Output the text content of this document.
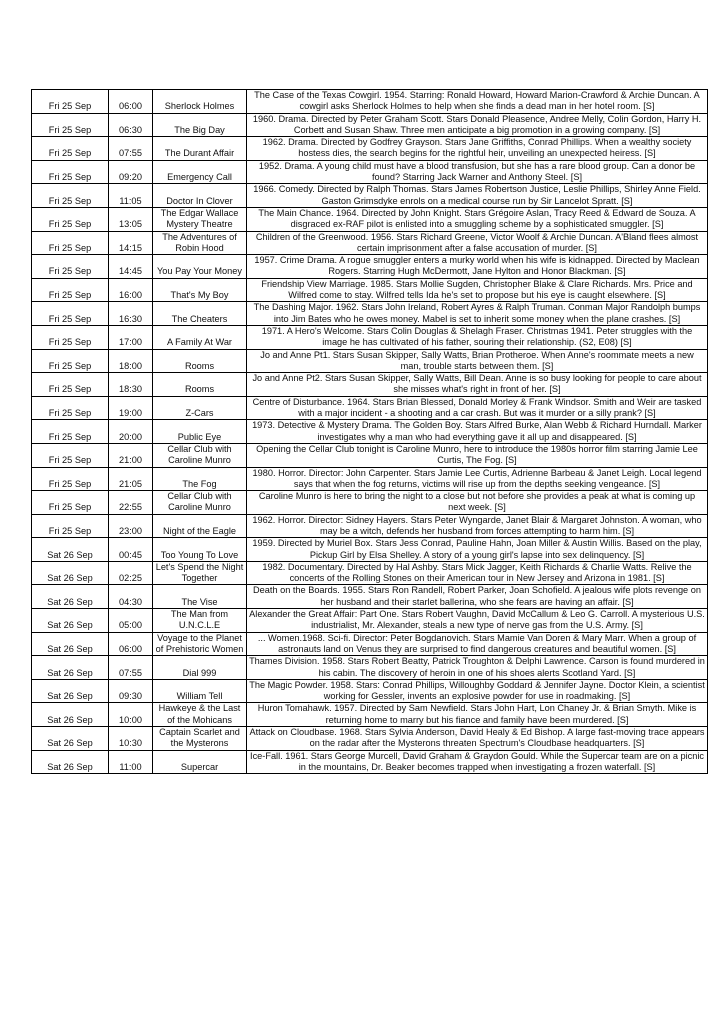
Fri 25 Sep	06:00	Sherlock Holmes	The Case of the Texas Cowgirl. 1954. Starring: Ronald Howard, Howard Marion-Crawford & Archie Duncan. A cowgirl asks Sherlock Holmes to help when she finds a dead man in her hotel room. [S]
Fri 25 Sep	06:30	The Big Day	1960. Drama. Directed by Peter Graham Scott. Stars Donald Pleasence, Andree Melly, Colin Gordon, Harry H. Corbett and Susan Shaw. Three men anticipate a big promotion in a growing company. [S]
Fri 25 Sep	07:55	The Durant Affair	1962. Drama. Directed by Godfrey Grayson. Stars Jane Griffiths, Conrad Phillips. When a wealthy society hostess dies, the search begins for the rightful heir, unveiling an unexpected heiress. [S]
Fri 25 Sep	09:20	Emergency Call	1952. Drama. A young child must have a blood transfusion, but she has a rare blood group. Can a donor be found? Starring Jack Warner and Anthony Steel. [S]
Fri 25 Sep	11:05	Doctor In Clover	1966. Comedy. Directed by Ralph Thomas. Stars James Robertson Justice, Leslie Phillips, Shirley Anne Field. Gaston Grimsdyke enrols on a medical course run by Sir Lancelot Spratt. [S]
Fri 25 Sep	13:05	The Edgar Wallace Mystery Theatre	The Main Chance. 1964. Directed by John Knight. Stars Grégoire Aslan, Tracy Reed & Edward de Souza. A disgraced ex-RAF pilot is enlisted into a smuggling scheme by a sophisticated smuggler. [S]
Fri 25 Sep	14:15	The Adventures of Robin Hood	Children of the Greenwood. 1956. Stars Richard Greene, Victor Woolf & Archie Duncan. A'Bland flees almost certain imprisonment after a false accusation of murder. [S]
Fri 25 Sep	14:45	You Pay Your Money	1957. Crime Drama. A rogue smuggler enters a murky world when his wife is kidnapped. Directed by Maclean Rogers. Starring Hugh McDermott, Jane Hylton and Honor Blackman. [S]
Fri 25 Sep	16:00	That's My Boy	Friendship View Marriage. 1985. Stars Mollie Sugden, Christopher Blake & Clare Richards. Mrs. Price and Wilfred come to stay. Wilfred tells Ida he's set to propose but his eye is caught elsewhere. [S]
Fri 25 Sep	16:30	The Cheaters	The Dashing Major. 1962. Stars John Ireland, Robert Ayres & Ralph Truman. Conman Major Randolph bumps into Jim Bates who he owes money. Mabel is set to inherit some money when the plane crashes. [S]
Fri 25 Sep	17:00	A Family At War	1971. A Hero's Welcome. Stars Colin Douglas & Shelagh Fraser. Christmas 1941. Peter struggles with the image he has cultivated of his father, souring their relationship. (S2, E08) [S]
Fri 25 Sep	18:00	Rooms	Jo and Anne Pt1. Stars Susan Skipper, Sally Watts, Brian Protheroe. When Anne's roommate meets a new man, trouble starts between them. [S]
Fri 25 Sep	18:30	Rooms	Jo and Anne Pt2. Stars Susan Skipper, Sally Watts, Bill Dean. Anne is so busy looking for people to care about she misses what's right in front of her. [S]
Fri 25 Sep	19:00	Z-Cars	Centre of Disturbance. 1964. Stars Brian Blessed, Donald Morley & Frank Windsor. Smith and Weir are tasked with a major incident - a shooting and a car crash. But was it murder or a silly prank? [S]
Fri 25 Sep	20:00	Public Eye	1973. Detective & Mystery Drama. The Golden Boy. Stars Alfred Burke, Alan Webb & Richard Hurndall. Marker investigates why a man who had everything gave it all up and disappeared. [S]
Fri 25 Sep	21:00	Cellar Club with Caroline Munro	Opening the Cellar Club tonight is Caroline Munro, here to introduce the 1980s horror film starring Jamie Lee Curtis, The Fog. [S]
Fri 25 Sep	21:05	The Fog	1980. Horror. Director: John Carpenter. Stars Jamie Lee Curtis, Adrienne Barbeau & Janet Leigh. Local legend says that when the fog returns, victims will rise up from the depths seeking vengeance. [S]
Fri 25 Sep	22:55	Cellar Club with Caroline Munro	Caroline Munro is here to bring the night to a close but not before she provides a peak at what is coming up next week. [S]
Fri 25 Sep	23:00	Night of the Eagle	1962. Horror. Director: Sidney Hayers. Stars Peter Wyngarde, Janet Blair & Margaret Johnston. A woman, who may be a witch, defends her husband from forces attempting to harm him. [S]
Sat 26 Sep	00:45	Too Young To Love	1959. Directed by Muriel Box. Stars Jess Conrad, Pauline Hahn, Joan Miller & Austin Willis. Based on the play, Pickup Girl by Elsa Shelley. A story of a young girl's lapse into sex delinquency. [S]
Sat 26 Sep	02:25	Let's Spend the Night Together	1982. Documentary. Directed by Hal Ashby. Stars Mick Jagger, Keith Richards & Charlie Watts. Relive the concerts of the Rolling Stones on their American tour in New Jersey and Arizona in 1981. [S]
Sat 26 Sep	04:30	The Vise	Death on the Boards. 1955. Stars Ron Randell, Robert Parker, Joan Schofield. A jealous wife plots revenge on her husband and their starlet ballerina, who she fears are having an affair. [S]
Sat 26 Sep	05:00	The Man from U.N.C.L.E	Alexander the Great Affair: Part One. Stars Robert Vaughn, David McCallum & Leo G. Carroll. A mysterious U.S. industrialist, Mr. Alexander, steals a new type of nerve gas from the U.S. Army. [S]
Sat 26 Sep	06:00	Voyage to the Planet of Prehistoric Women	... Women.1968. Sci-fi. Director: Peter Bogdanovich. Stars Mamie Van Doren & Mary Marr. When a group of astronauts land on Venus they are surprised to find dangerous creatures and beautiful women. [S]
Sat 26 Sep	07:55	Dial 999	Thames Division. 1958. Stars Robert Beatty, Patrick Troughton & Delphi Lawrence. Carson is found murdered in his cabin. The discovery of heroin in one of his shoes alerts Scotland Yard. [S]
Sat 26 Sep	09:30	William Tell	The Magic Powder. 1958. Stars: Conrad Phillips, Willoughby Goddard & Jennifer Jayne. Doctor Klein, a scientist working for Gessler, invents an explosive powder for use in roadmaking. [S]
Sat 26 Sep	10:00	Hawkeye & the Last of the Mohicans	Huron Tomahawk. 1957. Directed by Sam Newfield. Stars John Hart, Lon Chaney Jr. & Brian Smyth. Mike is returning home to marry but his fiance and family have been murdered. [S]
Sat 26 Sep	10:30	Captain Scarlet and the Mysterons	Attack on Cloudbase. 1968. Stars Sylvia Anderson, David Healy & Ed Bishop. A large fast-moving trace appears on the radar after the Mysterons threaten Spectrum's Cloudbase headquarters. [S]
Sat 26 Sep	11:00	Supercar	Ice-Fall. 1961. Stars George Murcell, David Graham & Graydon Gould. While the Supercar team are on a picnic in the mountains, Dr. Beaker becomes trapped when investigating a frozen waterfall. [S]
